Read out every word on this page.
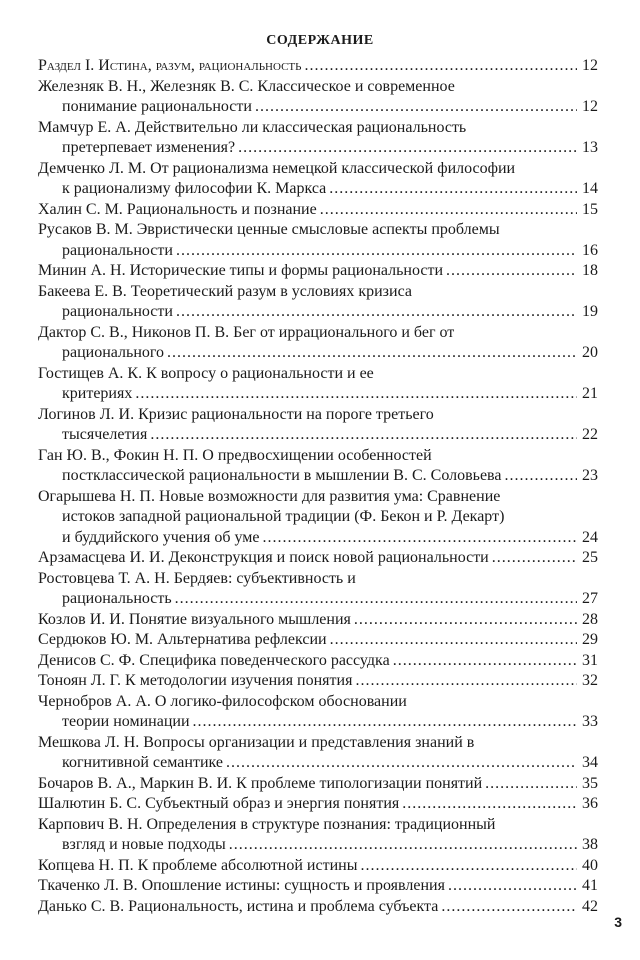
СОДЕРЖАНИЕ
Раздел I. Истина, разум, рациональность . . .	12
Железняк В. Н., Железняк В. С. Классическое и современное
понимание рациональности . . .	12
Мамчур Е. А. Действительно ли классическая рациональность
претерпевает изменения? . . .	13
Демченко Л. М. От рационализма немецкой классической философии
к рационализму философии К. Маркса . . .	14
Халин С. М. Рациональность и познание . . .	15
Русаков В. М. Эвристически ценные смысловые аспекты проблемы
рациональности . . .	16
Минин А. Н. Исторические типы и формы рациональности . . .	18
Бакеева Е. В. Теоретический разум в условиях кризиса
рациональности . . .	19
Дактор С. В., Никонов П. В. Бег от иррационального и бег от
рационального . . .	20
Гостищев А. К. К вопросу о рациональности и ее
критериях . . .	21
Логинов Л. И. Кризис рациональности на пороге третьего
тысячелетия . . .	22
Ган Ю. В., Фокин Н. П. О предвосхищении особенностей
постклассической рациональности в мышлении В. С. Соловьева . . .	23
Огарышева Н. П. Новые возможности для развития ума: Сравнение
истоков западной рациональной традиции (Ф. Бекон и Р. Декарт)
и буддийского учения об уме . . .	24
Арзамасцева И. И. Деконструкция и поиск новой рациональности . . .	25
Ростовцева Т. А. Н. Бердяев: субъективность и
рациональность . . .	27
Козлов И. И. Понятие визуального мышления . . .	28
Сердюков Ю. М. Альтернатива рефлексии . . .	29
Денисов С. Ф. Специфика поведенческого рассудка . . .	31
Тоноян Л. Г. К методологии изучения понятия . . .	32
Чернобров А. А. О логико-философском обосновании
теории номинации . . .	33
Мешкова Л. Н. Вопросы организации и представления знаний в
когнитивной семантике . . .	34
Бочаров В. А., Маркин В. И. К проблеме типологизации понятий . . .	35
Шалютин Б. С. Субъектный образ и энергия понятия . . .	36
Карпович В. Н. Определения в структуре познания: традиционный
взгляд и новые подходы . . .	38
Копцева Н. П. К проблеме абсолютной истины . . .	40
Ткаченко Л. В. Опошление истины: сущность и проявления . . .	41
Данько С. В. Рациональность, истина и проблема субъекта . . .	42
3
